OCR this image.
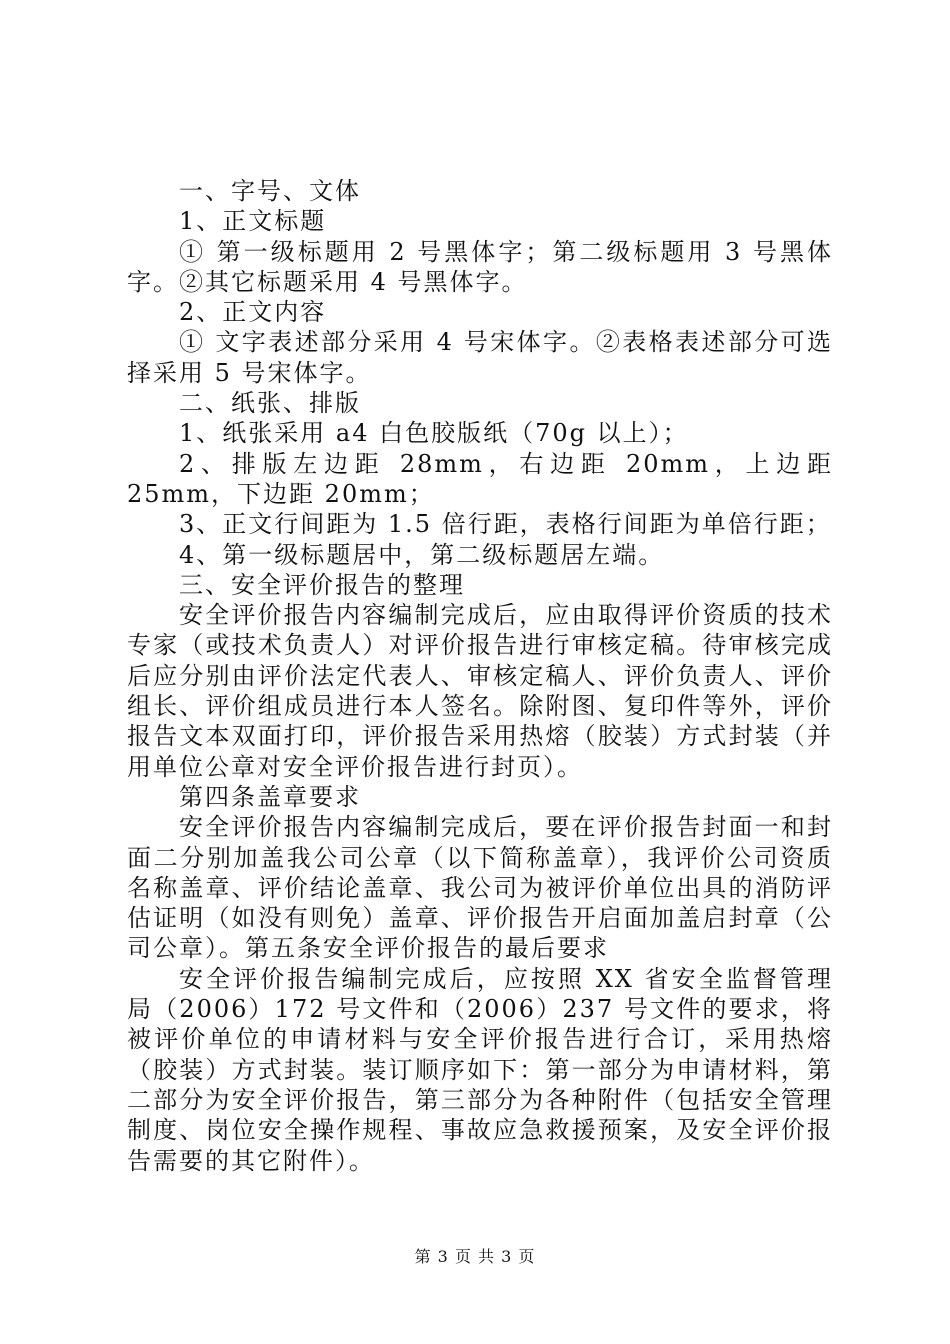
一、字号、文体
1、正文标题
① 第一级标题用 2 号黑体字；第二级标题用 3 号黑体字。②其它标题采用 4 号黑体字。
2、正文内容
① 文字表述部分采用 4 号宋体字。②表格表述部分可选择采用 5 号宋体字。
二、纸张、排版
1、纸张采用 a4 白色胶版纸（70g 以上）；
2、排版左边距 28mm，右边距 20mm，上边距 25mm，下边距 20mm；
3、正文行间距为 1.5 倍行距，表格行间距为单倍行距；
4、第一级标题居中，第二级标题居左端。
三、安全评价报告的整理
安全评价报告内容编制完成后，应由取得评价资质的技术专家（或技术负责人）对评价报告进行审核定稿。待审核完成后应分别由评价法定代表人、审核定稿人、评价负责人、评价组长、评价组成员进行本人签名。除附图、复印件等外，评价报告文本双面打印，评价报告采用热熔（胶装）方式封装（并用单位公章对安全评价报告进行封页）。
第四条盖章要求
安全评价报告内容编制完成后，要在评价报告封面一和封面二分别加盖我公司公章（以下简称盖章），我评价公司资质名称盖章、评价结论盖章、我公司为被评价单位出具的消防评估证明（如没有则免）盖章、评价报告开启面加盖启封章（公司公章）。第五条安全评价报告的最后要求
安全评价报告编制完成后，应按照 XX 省安全监督管理局（2006）172 号文件和（2006）237 号文件的要求，将被评价单位的申请材料与安全评价报告进行合订，采用热熔（胶装）方式封装。装订顺序如下：第一部分为申请材料，第二部分为安全评价报告，第三部分为各种附件（包括安全管理制度、岗位安全操作规程、事故应急救援预案，及安全评价报告需要的其它附件）。
第 3 页 共 3 页
